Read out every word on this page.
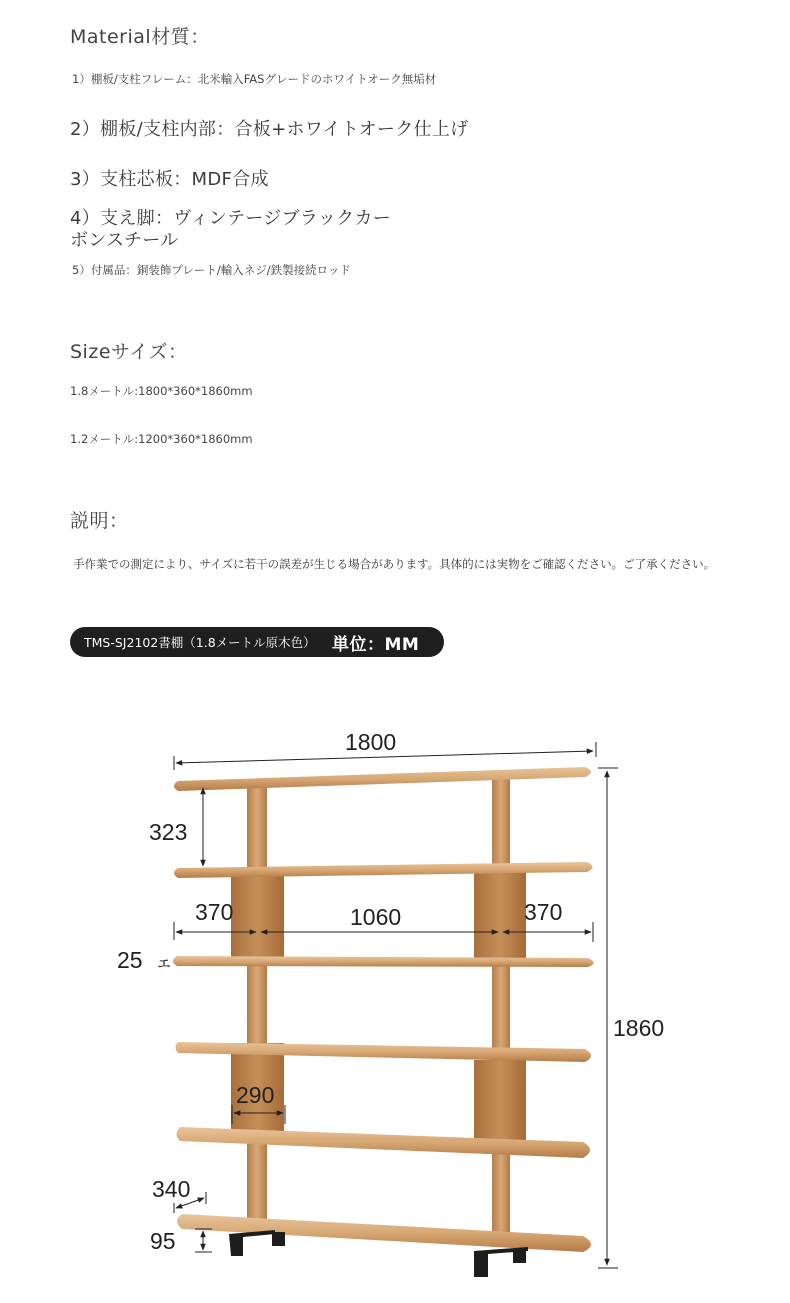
Material材質：
1）棚板/支柱フレーム：北米輸入FASグレードのホワイトオーク無垢材
2）棚板/支柱内部：合板+ホワイトオーク仕上げ
3）支柱芯板：MDF合成
4）支え脚：ヴィンテージブラックカー
ボンスチール
5）付属品：銅装飾プレート/輸入ネジ/鉄製接続ロッド
Sizeサイズ：
1.8メートル:1800*360*1860mm
1.2メートル:1200*360*1860mm
説明：
手作業での測定により、サイズに若干の誤差が生じる場合があります。具体的には実物をご確認ください。ご了承ください。
TMS-SJ2102書棚（1.8メートル原木色） 単位：MM
1800
1860
323
370	1060	370
25
290
340
95
ェ
